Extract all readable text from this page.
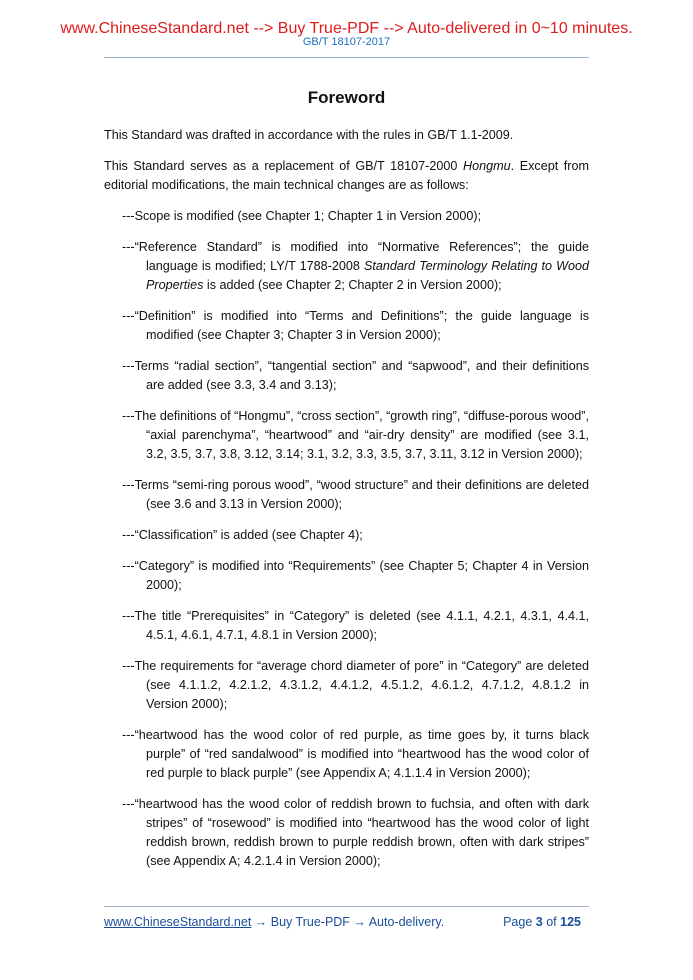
www.ChineseStandard.net --> Buy True-PDF --> Auto-delivered in 0~10 minutes.
GB/T 18107-2017
Foreword

This Standard was drafted in accordance with the rules in GB/T 1.1-2009.

This Standard serves as a replacement of GB/T 18107-2000 Hongmu. Except from editorial modifications, the main technical changes are as follows:

---Scope is modified (see Chapter 1; Chapter 1 in Version 2000);

---“Reference Standard” is modified into “Normative References”; the guide language is modified; LY/T 1788-2008 Standard Terminology Relating to Wood Properties is added (see Chapter 2; Chapter 2 in Version 2000);

---“Definition” is modified into “Terms and Definitions”; the guide language is modified (see Chapter 3; Chapter 3 in Version 2000);

---Terms “radial section”, “tangential section” and “sapwood”, and their definitions are added (see 3.3, 3.4 and 3.13);

---The definitions of “Hongmu”, “cross section”, “growth ring”, “diffuse-porous wood”, “axial parenchyma”, “heartwood” and “air-dry density” are modified (see 3.1, 3.2, 3.5, 3.7, 3.8, 3.12, 3.14; 3.1, 3.2, 3.3, 3.5, 3.7, 3.11, 3.12 in Version 2000);

---Terms “semi-ring porous wood”, “wood structure” and their definitions are deleted (see 3.6 and 3.13 in Version 2000);

---“Classification” is added (see Chapter 4);

---“Category” is modified into “Requirements” (see Chapter 5; Chapter 4 in Version 2000);

---The title “Prerequisites” in “Category” is deleted (see 4.1.1, 4.2.1, 4.3.1, 4.4.1, 4.5.1, 4.6.1, 4.7.1, 4.8.1 in Version 2000);

---The requirements for “average chord diameter of pore” in “Category” are deleted (see 4.1.1.2, 4.2.1.2, 4.3.1.2, 4.4.1.2, 4.5.1.2, 4.6.1.2, 4.7.1.2, 4.8.1.2 in Version 2000);

---“heartwood has the wood color of red purple, as time goes by, it turns black purple” of “red sandalwood” is modified into “heartwood has the wood color of red purple to black purple” (see Appendix A; 4.1.1.4 in Version 2000);

---“heartwood has the wood color of reddish brown to fuchsia, and often with dark stripes” of “rosewood” is modified into “heartwood has the wood color of light reddish brown, reddish brown to purple reddish brown, often with dark stripes” (see Appendix A; 4.2.1.4 in Version 2000);

www.ChineseStandard.net → Buy True-PDF → Auto-delivery.	Page 3 of 125
